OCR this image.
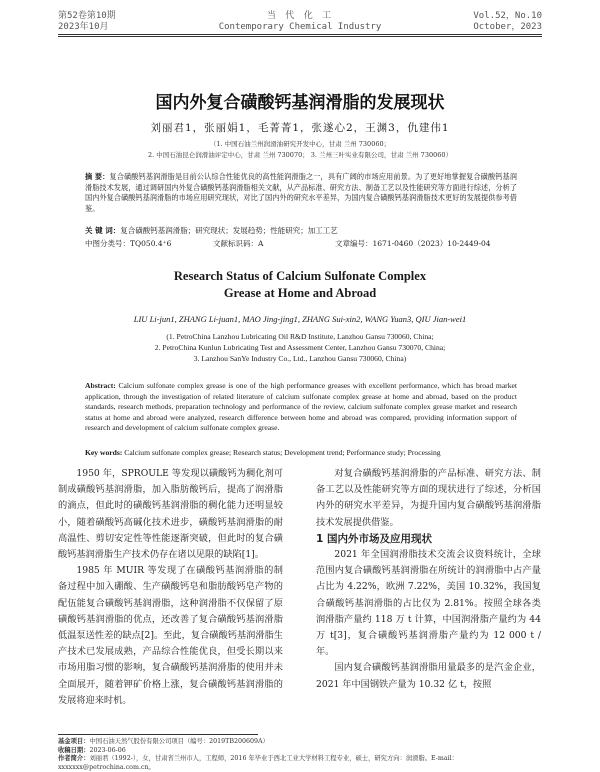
第52卷第10期
2023年10月
当 代 化 工
Contemporary Chemical Industry
Vol.52，No.10
October，2023
国内外复合磺酸钙基润滑脂的发展现状
刘丽君1，张丽娟1，毛菁菁1，张遂心2，王渊3，仇建伟1
（1. 中国石油兰州润滑油研究开发中心，甘肃 兰州 730060；
2. 中国石油昆仑润滑油评定中心，甘肃 兰州 730070； 3. 兰州三叶实业有限公司，甘肃 兰州 730060）
摘 要：复合磺酸钙基润滑脂是目前公认综合性能优良的高性能润滑脂之一，具有广阔的市场应用前景。为了更好地掌握复合磺酸钙基润滑脂技术发展，通过调研国内外复合磺酸钙基润滑脂相关文献，从产品标准、研究方法、制备工艺以及性能研究等方面进行综述，分析了国内外复合磺酸钙基润滑脂的市场应用研究现状，对比了国内外的研究水平差异，为国内复合磺酸钙基润滑脂技术更好的发展提供参考借鉴。
关 键 词：复合磺酸钙基润滑脂；研究现状；发展趋势；性能研究；加工工艺
中图分类号：TQ050.4⁺6	文献标识码：A	文章编号：1671-0460（2023）10-2449-04
Research Status of Calcium Sulfonate Complex
Grease at Home and Abroad
LIU Li-jun1, ZHANG Li-juan1, MAO Jing-jing1, ZHANG Sui-xin2, WANG Yuan3, QIU Jian-wei1
(1. PetroChina Lanzhou Lubricating Oil R&D Institute, Lanzhou Gansu 730060, China;
2. PetroChina Kunlun Lubricating Test and Assessment Center, Lanzhou Gansu 730070, China;
3. Lanzhou SanYe Industry Co., Ltd., Lanzhou Gansu 730060, China)
Abstract: Calcium sulfonate complex grease is one of the high performance greases with excellent performance, which has broad market application, through the investigation of related literature of calcium sulfonate complex grease at home and abroad, based on the product standards, research methods, preparation technology and performance of the review, calcium sulfonate complex grease market and research status at home and abroad were analyzed, research difference between home and abroad was compared, providing information support of research and development of calcium sulfonate complex grease.
Key words: Calcium sulfonate complex grease; Research status; Development trend; Performance study; Processing

1950 年，SPROULE 等发现以磺酸钙为稠化剂可制成磺酸钙基润滑脂，加入脂肪酸钙后，提高了润滑脂的滴点，但此时的磺酸钙基润滑脂的稠化能力还明显较小，随着磺酸钙高碱化技术进步，磺酸钙基润滑脂的耐高温性、剪切安定性等性能逐渐突破，但此时的复合磺酸钙基润滑脂生产技术仍存在诸以见限的缺陷[1]。

1985 年 MUIR 等发现了在磺酸钙基润滑脂的制备过程中加入硼酸、生产磺酸钙皂和脂肪酸钙皂产物的配伍能复合磺酸钙基润滑脂，这种润滑脂不仅保留了原磺酸钙基润滑脂的优点，还改善了复合磺酸钙基润滑脂低温泵送性差的缺点[2]。至此，复合磺酸钙基润滑脂生产技术已发展成熟，产品综合性能优良，但受长期以来市场用脂习惯的影响，复合磺酸钙基润滑脂的使用并未全面展开，随着钾矿价格上涨，复合磺酸钙基润滑脂的发展将迎来时机。

对复合磺酸钙基润滑脂的产品标准、研究方法、制备工艺以及性能研究等方面的现状进行了综述，分析国内外的研究水平差异，为提升国内复合磺酸钙基润滑脂技术发展提供借鉴。

1 国内外市场及应用现状

2021 年全国润滑脂技术交流会议资料统计，全球范围内复合磺酸钙基润滑脂在所统计的润滑脂中占产量占比为 4.22%，欧洲 7.22%，美国 10.32%，我国复合磺酸钙基润滑脂的占比仅为 2.81%。按照全球各类润滑脂产量约 118 万 t 计算，中国润滑脂产量约为 44 万 t[3]，复合磺酸钙基润滑脂产量约为 12 000 t / 年。

国内复合磺酸钙基润滑脂用量最多的是汽金企业，2021 年中国钢铁产量为 10.32 亿 t，按照

基金项目：中国石油天然气股份有限公司项目（编号：2019TB200609A）
收稿日期：2023-06-06
作者简介：刘丽君（1992-），女，甘肃省兰州市人，工程师，2016 年毕业于西北工业大学材料工程专业，硕士，研究方向：润滑脂。E-mail：xxxxxxx@petrochina.com.cn。
